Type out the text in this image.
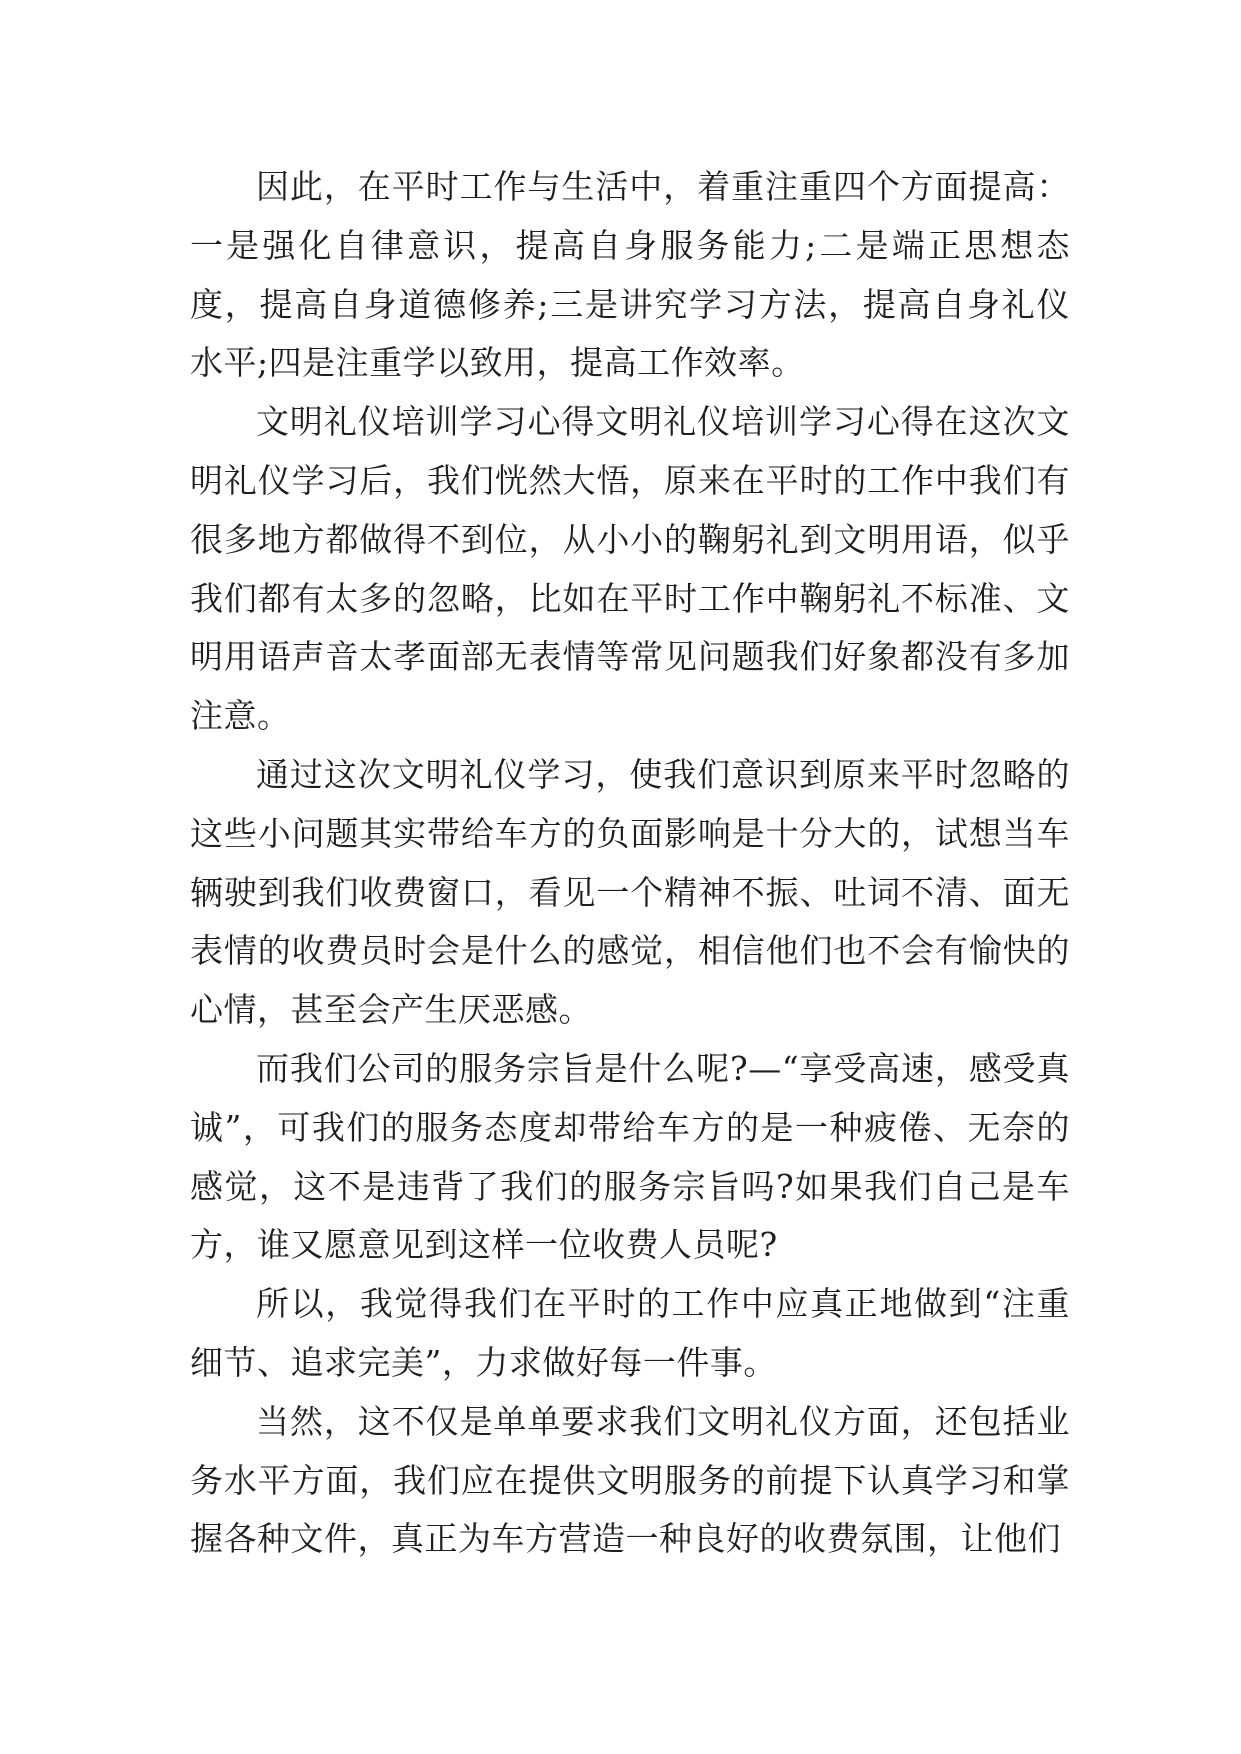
因此，在平时工作与生活中，着重注重四个方面提高：一是强化自律意识，提高自身服务能力;二是端正思想态度，提高自身道德修养;三是讲究学习方法，提高自身礼仪水平;四是注重学以致用，提高工作效率。

文明礼仪培训学习心得文明礼仪培训学习心得在这次文明礼仪学习后，我们恍然大悟，原来在平时的工作中我们有很多地方都做得不到位，从小小的鞠躬礼到文明用语，似乎我们都有太多的忽略，比如在平时工作中鞠躬礼不标准、文明用语声音太孝面部无表情等常见问题我们好象都没有多加注意。

通过这次文明礼仪学习，使我们意识到原来平时忽略的这些小问题其实带给车方的负面影响是十分大的，试想当车辆驶到我们收费窗口，看见一个精神不振、吐词不清、面无表情的收费员时会是什么的感觉，相信他们也不会有愉快的心情，甚至会产生厌恶感。

而我们公司的服务宗旨是什么呢?—“享受高速，感受真诚”，可我们的服务态度却带给车方的是一种疲倦、无奈的感觉，这不是违背了我们的服务宗旨吗?如果我们自己是车方，谁又愿意见到这样一位收费人员呢?

所以，我觉得我们在平时的工作中应真正地做到“注重细节、追求完美”，力求做好每一件事。

当然，这不仅是单单要求我们文明礼仪方面，还包括业务水平方面，我们应在提供文明服务的前提下认真学习和掌握各种文件，真正为车方营造一种良好的收费氛围，让他们
